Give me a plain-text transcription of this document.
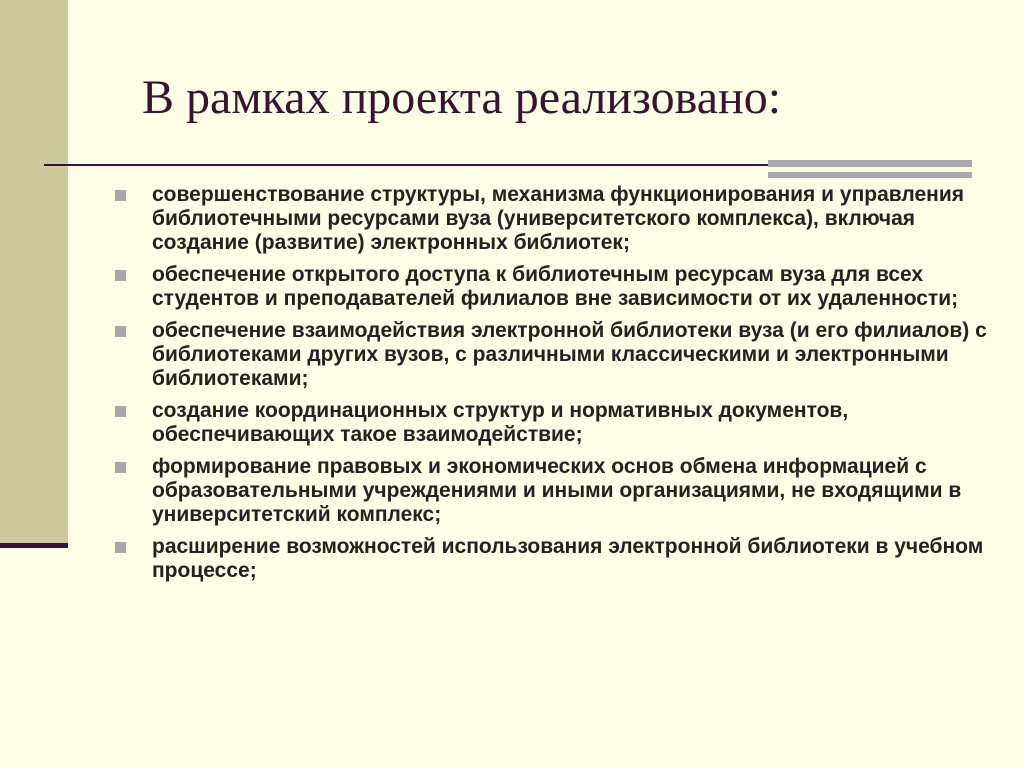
В рамках проекта реализовано:
совершенствование структуры, механизма функционирования и управления библиотечными ресурсами вуза (университетского комплекса), включая создание (развитие) электронных библиотек;
обеспечение открытого доступа к библиотечным ресурсам вуза для всех студентов и преподавателей филиалов вне зависимости от их удаленности;
обеспечение взаимодействия электронной библиотеки вуза (и его филиалов) с библиотеками других вузов, с различными классическими и электронными библиотеками;
создание координационных структур и нормативных документов, обеспечивающих такое взаимодействие;
формирование правовых и экономических основ обмена информацией с образовательными учреждениями и иными организациями, не входящими в университетский комплекс;
расширение возможностей использования электронной библиотеки в учебном процессе;
